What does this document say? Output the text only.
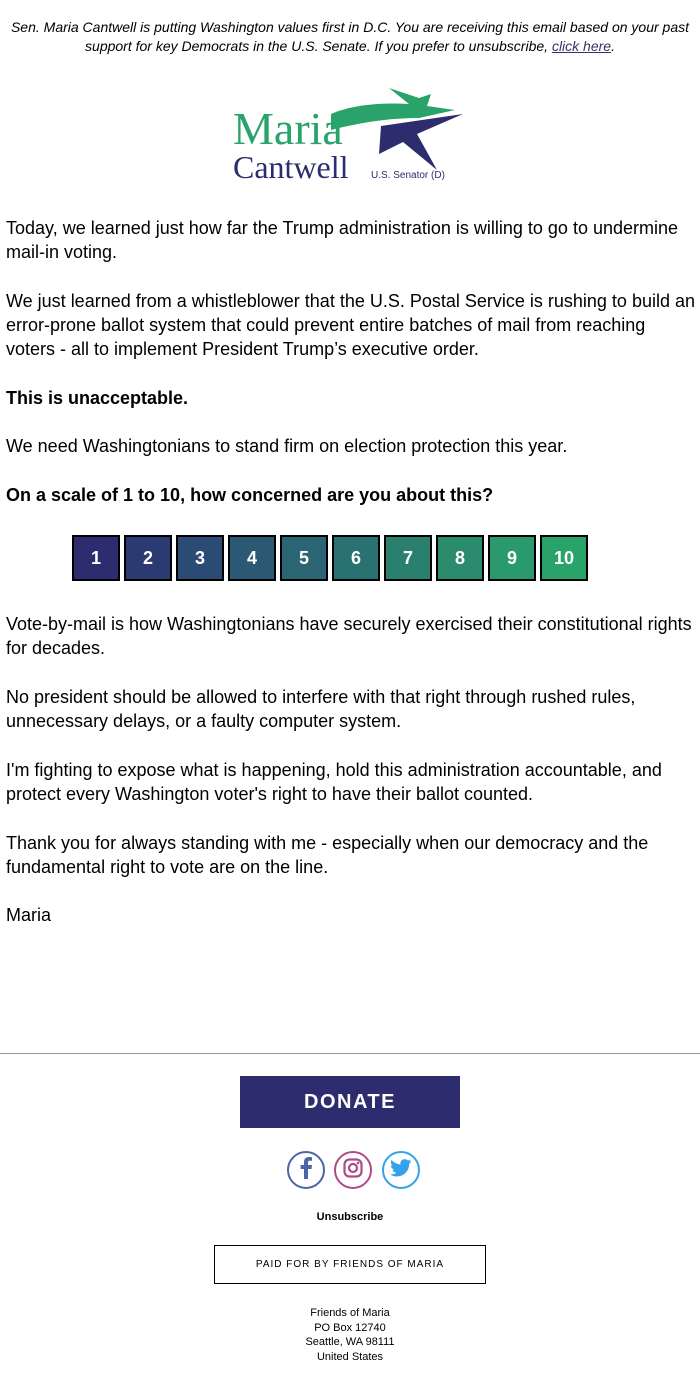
Sen. Maria Cantwell is putting Washington values first in D.C. You are receiving this email based on your past support for key Democrats in the U.S. Senate. If you prefer to unsubscribe, click here.
Maria
Cantwell U.S. Senator (D)

Today, we learned just how far the Trump administration is willing to go to undermine mail-in voting.

We just learned from a whistleblower that the U.S. Postal Service is rushing to build an error-prone ballot system that could prevent entire batches of mail from reaching voters - all to implement President Trump’s executive order.

This is unacceptable.

We need Washingtonians to stand firm on election protection this year.

On a scale of 1 to 10, how concerned are you about this?

1	2	3	4	5	6	7	8	9	10

Vote-by-mail is how Washingtonians have securely exercised their constitutional rights for decades.

No president should be allowed to interfere with that right through rushed rules, unnecessary delays, or a faulty computer system.

I'm fighting to expose what is happening, hold this administration accountable, and protect every Washington voter's right to have their ballot counted.

Thank you for always standing with me - especially when our democracy and the fundamental right to vote are on the line.

Maria

DONATE
Unsubscribe
PAID FOR BY FRIENDS OF MARIA
Friends of Maria
PO Box 12740
Seattle, WA 98111
United States
